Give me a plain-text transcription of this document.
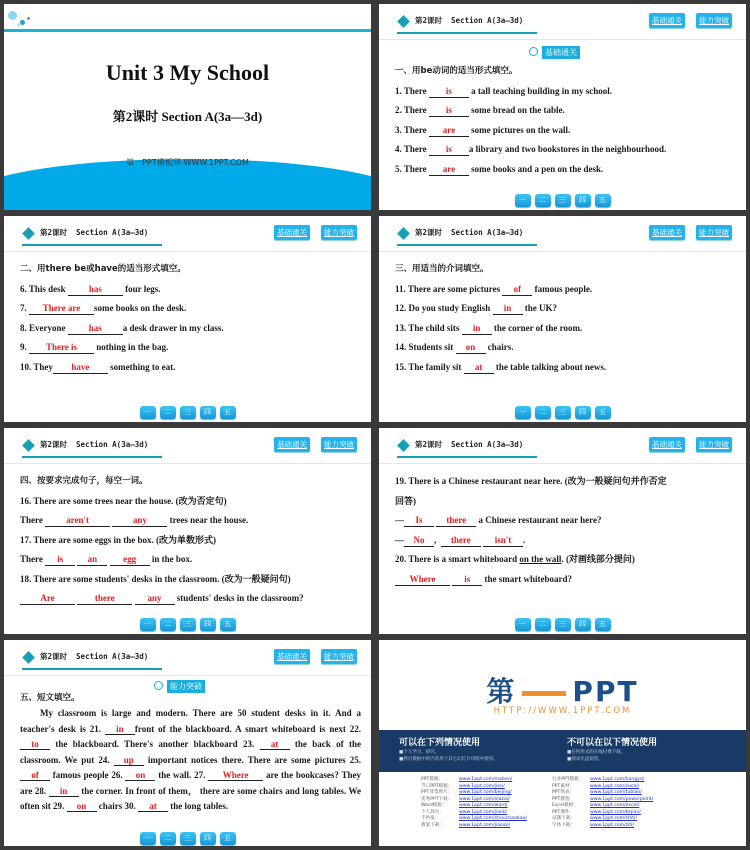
Unit 3 My School
第2课时 Section A(3a—3d)
第一PPT模板网-WWW.1PPT.COM
第2课时 Section A(3a—3d)	基础通关	能力突破
基础通关
一、用be动词的适当形式填空。
1. There is a tall teaching building in my school.
2. There is some bread on the table.
3. There are some pictures on the wall.
4. There is a library and two bookstores in the neighbourhood.
5. There are some books and a pen on the desk.
一 二 三 四 五
第2课时 Section A(3a—3d)	基础通关	能力突破
二、用there be或have的适当形式填空。
6. This desk has four legs.
7. There are some books on the desk.
8. Everyone has a desk drawer in my class.
9. There is nothing in the bag.
10. They have something to eat.
一 二 三 四 五
第2课时 Section A(3a—3d)	基础通关	能力突破
三、用适当的介词填空。
11. There are some pictures of famous people.
12. Do you study English in the UK?
13. The child sits in the corner of the room.
14. Students sit on chairs.
15. The family sit at the table talking about news.
一 二 三 四 五
第2课时 Section A(3a—3d)	基础通关	能力突破
四、按要求完成句子，每空一词。
16. There are some trees near the house. (改为否定句)
There aren't	any trees near the house.
17. There are some eggs in the box. (改为单数形式)
There is	an	egg in the box.
18. There are some students' desks in the classroom. (改为一般疑问句)
Are	there	any students' desks in the classroom?
一 二 三 四 五
第2课时 Section A(3a—3d)	基础通关	能力突破
19. There is a Chinese restaurant near here. (改为一般疑问句并作否定
回答)
— Is	there a Chinese restaurant near here?
— No , there	isn't .
20. There is a smart whiteboard on the wall. (对画线部分提问)
Where	is the smart whiteboard?
一 二 三 四 五
第2课时 Section A(3a—3d)	基础通关	能力突破
能力突破
五、短文填空。
My classroom is large and modern. There are 50 student desks in it. And a teacher's desk is 21. in front of the blackboard. A smart whiteboard is next 22. to the blackboard. There's another blackboard 23. at the back of the classroom. We put 24. up important notices there. There are some pictures 25. of famous people 26. on the wall. 27. Where are the bookcases? They are 28. in the corner. In front of them， there are some chairs and long tables. We often sit 29. on chairs 30. at the long tables.
一 二 三 四 五
第 PPT
HTTP://WWW.1PPT.COM
可以在下列情况使用

■个人学习、研究。

■拷贝模板中的内容用于其它幻灯片母版中使用。

不可以在以下情况使用

■任何形式的在线付费下载。

■刻录光盘销售。

PPT模板：	www.1ppt.com/moban/
节日PPT模板： www.1ppt.com/jieri/
PPT背景图片： www.1ppt.com/beijing/
优秀PPT下载： www.1ppt.com/xiazai/
Word模板：	www.1ppt.com/word/
个人简历：	www.1ppt.com/jianli/
手抄报：	www.1ppt.com/shouchaobao/
教案下载：	www.1ppt.com/jiaoan/
行业PPT模板： www.1ppt.com/hangye/
PPT素材：	www.1ppt.com/sucai/
PPT图表：	www.1ppt.com/tubiao/
PPT教程：	www.1ppt.com/powerpoint/
Excel模板：	www.1ppt.com/excel/
PPT课件：	www.1ppt.com/kejian/
试题下载：	www.1ppt.com/shiti/
字体下载：	www.1ppt.com/ziti/
